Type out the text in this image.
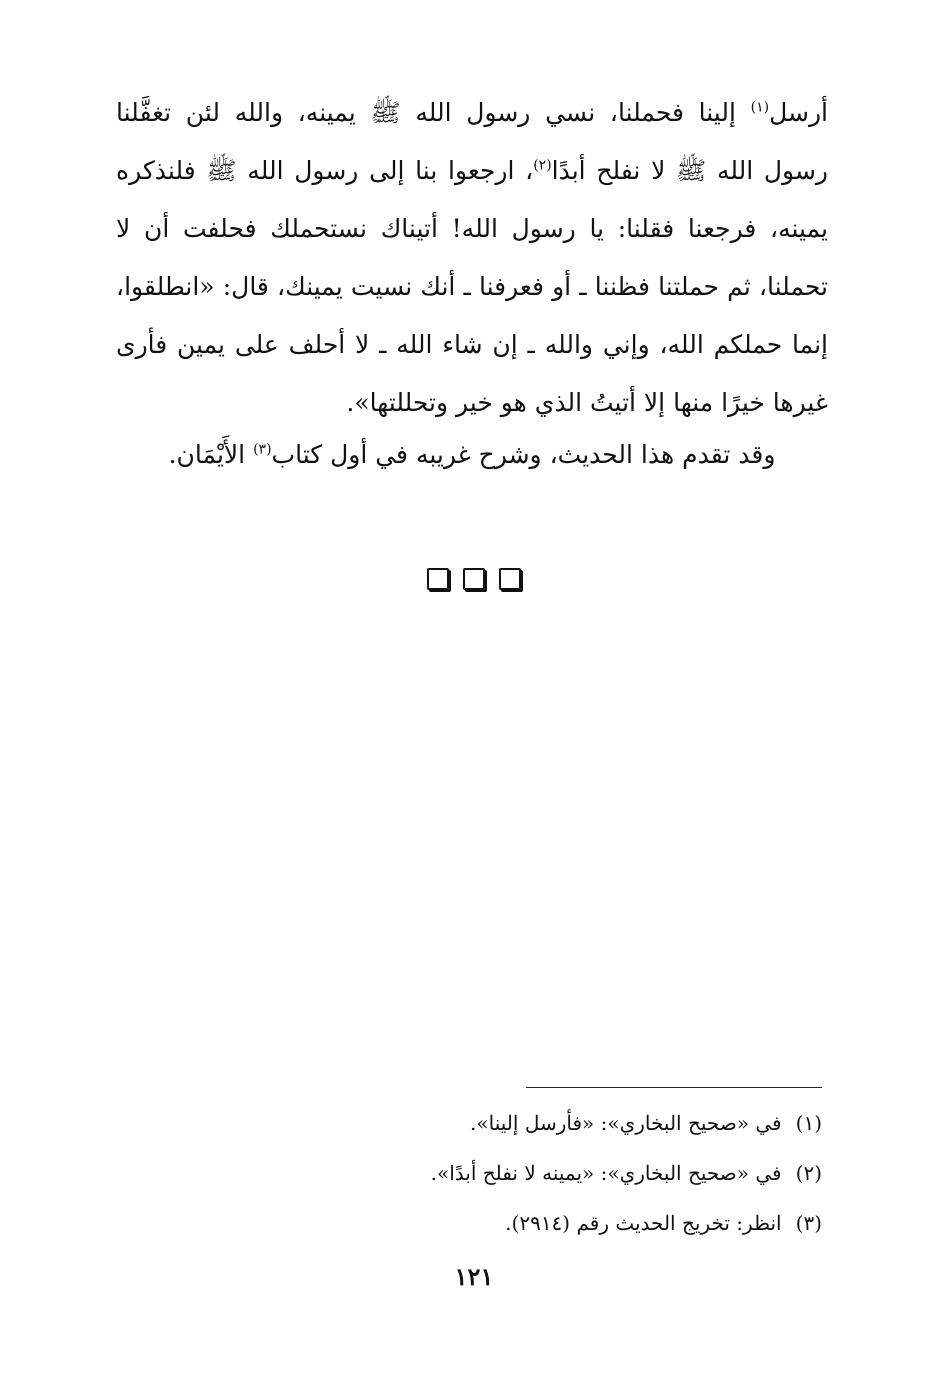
أرسل$^{(١)}$ إلينا فحملنا، نسي رسول الله ﷺ يمينه، والله لئن تغفَّلنا رسول الله ﷺ لا نفلح أبدًا$^{(٢)}$، ارجعوا بنا إلى رسول الله ﷺ فلنذكره يمينه، فرجعنا فقلنا: يا رسول الله! أتيناك نستحملك فحلفت أن لا تحملنا، ثم حملتنا فظننا ـ أو فعرفنا ـ أنك نسيت يمينك، قال: «انطلقوا، إنما حملكم الله، وإني والله ـ إن شاء الله ـ لا أحلف على يمين فأرى غيرها خيرًا منها إلا أتيتُ الذي هو خير وتحللتها».

وقد تقدم هذا الحديث، وشرح غريبه في أول كتاب$^{(٣)}$ الأَيْمَان.

(١)
في «صحيح البخاري»: «فأرسل إلينا».
(٢)
في «صحيح البخاري»: «يمينه لا نفلح أبدًا».
(٣)
انظر: تخريج الحديث رقم (٢٩١٤).
١٢١
